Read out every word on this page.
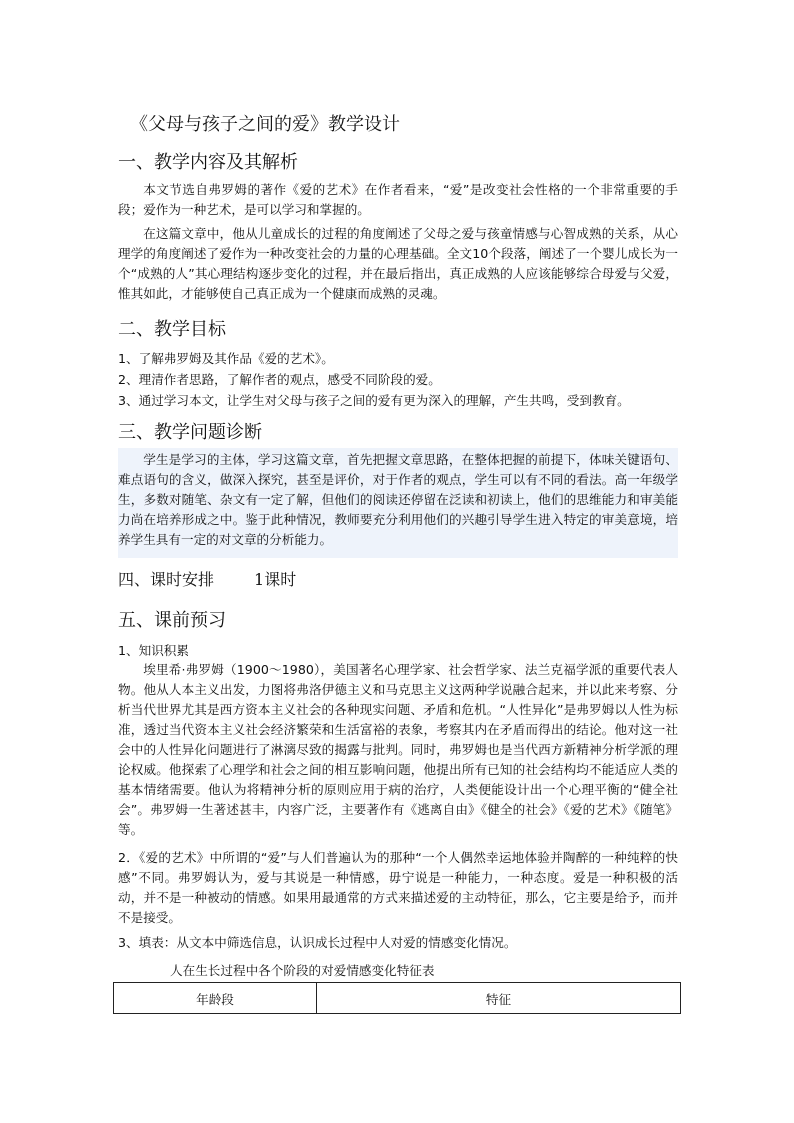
《父母与孩子之间的爱》教学设计
一、教学内容及其解析

本文节选自弗罗姆的著作《爱的艺术》在作者看来，“爱”是改变社会性格的一个非常重要的手段；爱作为一种艺术，是可以学习和掌握的。

在这篇文章中，他从儿童成长的过程的角度阐述了父母之爱与孩童情感与心智成熟的关系，从心理学的角度阐述了爱作为一种改变社会的力量的心理基础。全文10个段落，阐述了一个婴儿成长为一个“成熟的人”其心理结构逐步变化的过程，并在最后指出，真正成熟的人应该能够综合母爱与父爱，惟其如此，才能够使自己真正成为一个健康而成熟的灵魂。

二、教学目标
1、了解弗罗姆及其作品《爱的艺术》。
2、理清作者思路，了解作者的观点，感受不同阶段的爱。
3、通过学习本文，让学生对父母与孩子之间的爱有更为深入的理解，产生共鸣，受到教育。
三、教学问题诊断

学生是学习的主体，学习这篇文章，首先把握文章思路，在整体把握的前提下，体味关键语句、难点语句的含义，做深入探究，甚至是评价，对于作者的观点，学生可以有不同的看法。高一年级学生，多数对随笔、杂文有一定了解，但他们的阅读还停留在泛读和初读上，他们的思维能力和审美能力尚在培养形成之中。鉴于此种情况，教师要充分利用他们的兴趣引导学生进入特定的审美意境，培养学生具有一定的对文章的分析能力。

四、课时安排	1课时
五、课前预习
1、知识积累

埃里希·弗罗姆（1900～1980），美国著名心理学家、社会哲学家、法兰克福学派的重要代表人物。他从人本主义出发，力图将弗洛伊德主义和马克思主义这两种学说融合起来，并以此来考察、分析当代世界尤其是西方资本主义社会的各种现实问题、矛盾和危机。“人性异化”是弗罗姆以人性为标准，透过当代资本主义社会经济繁荣和生活富裕的表象，考察其内在矛盾而得出的结论。他对这一社会中的人性异化问题进行了淋漓尽致的揭露与批判。同时，弗罗姆也是当代西方新精神分析学派的理论权威。他探索了心理学和社会之间的相互影响问题，他提出所有已知的社会结构均不能适应人类的基本情绪需要。他认为将精神分析的原则应用于病的治疗，人类便能设计出一个心理平衡的“健全社会”。弗罗姆一生著述甚丰，内容广泛，主要著作有《逃离自由》《健全的社会》《爱的艺术》《随笔》等。

2．《爱的艺术》中所谓的“爱”与人们普遍认为的那种“一个人偶然幸运地体验并陶醉的一种纯粹的快感”不同。弗罗姆认为，爱与其说是一种情感，毋宁说是一种能力，一种态度。爱是一种积极的活动，并不是一种被动的情感。如果用最通常的方式来描述爱的主动特征，那么，它主要是给予，而并不是接受。

3、填表：从文本中筛选信息，认识成长过程中人对爱的情感变化情况。
人在生长过程中各个阶段的对爱情感变化特征表
年龄段	特征
